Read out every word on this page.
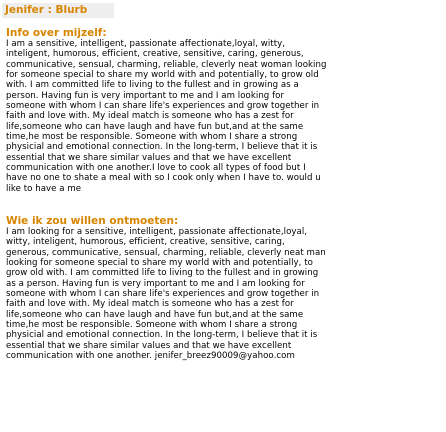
Jenifer : Blurb
Info over mijzelf:
I am a sensitive, intelligent, passionate affectionate,loyal, witty,
inteligent, humorous, efficient, creative, sensitive, caring, generous,
communicative, sensual, charming, reliable, cleverly neat woman looking
for someone special to share my world with and potentially, to grow old
with. I am committed life to living to the fullest and in growing as a
person. Having fun is very important to me and I am looking for
someone with whom I can share life's experiences and grow together in
faith and love with. My ideal match is someone who has a zest for
life,someone who can have laugh and have fun but,and at the same
time,he most be responsible. Someone with whom I share a strong
physicial and emotional connection. In the long-term, I believe that it is
essential that we share similar values and that we have excellent
communication with one another.I love to cook all types of food but I
have no one to shate a meal with so I cook only when I have to. would u
like to have a me
Wie ik zou willen ontmoeten:
I am looking for a sensitive, intelligent, passionate affectionate,loyal,
witty, inteligent, humorous, efficient, creative, sensitive, caring,
generous, communicative, sensual, charming, reliable, cleverly neat man
looking for someone special to share my world with and potentially, to
grow old with. I am committed life to living to the fullest and in growing
as a person. Having fun is very important to me and I am looking for
someone with whom I can share life's experiences and grow together in
faith and love with. My ideal match is someone who has a zest for
life,someone who can have laugh and have fun but,and at the same
time,he most be responsible. Someone with whom I share a strong
physicial and emotional connection. In the long-term, I believe that it is
essential that we share similar values and that we have excellent
communication with one another. jenifer_breez90009@yahoo.com
